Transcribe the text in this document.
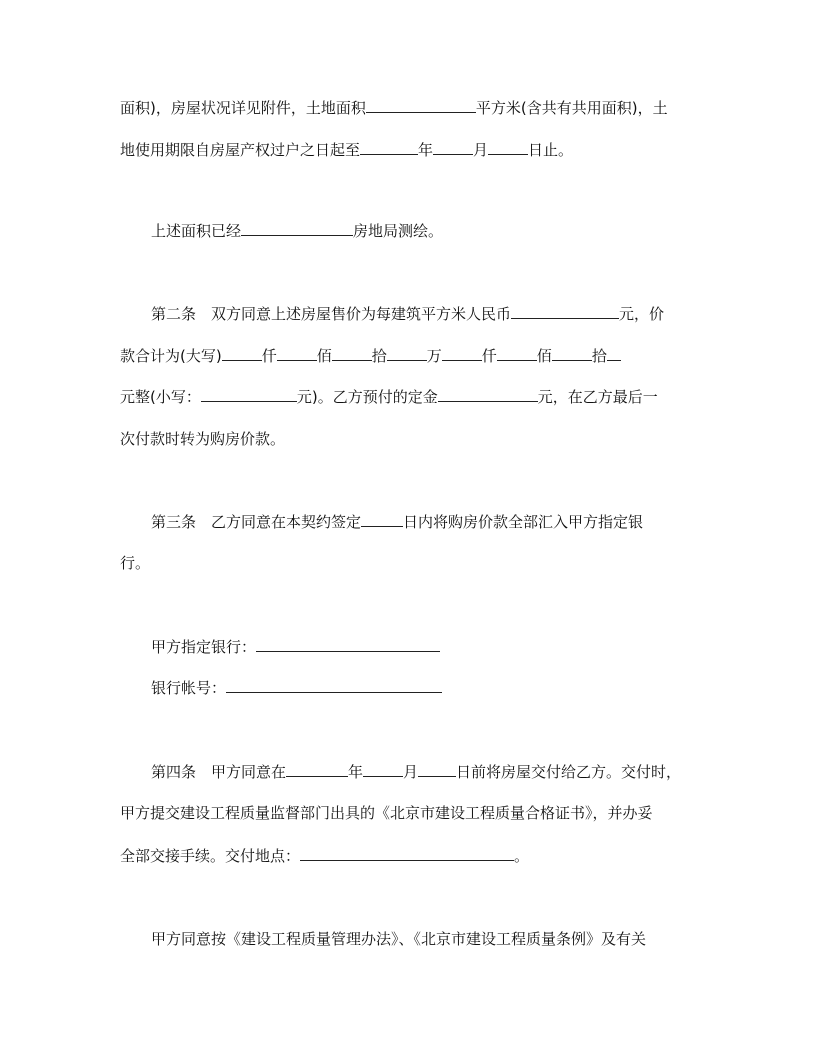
面积)，房屋状况详见附件，土地面积	平方米(含共有共用面积)，土
地使用期限自房屋产权过户之日起至	年	月	日止。
上述面积已经	房地局测绘。
第二条　双方同意上述房屋售价为每建筑平方米人民币	元，价
款合计为(大写)	仟	佰	拾	万	仟	佰	拾
元整(小写：	元)。乙方预付的定金	元，在乙方最后一
次付款时转为购房价款。
第三条　乙方同意在本契约签定	日内将购房价款全部汇入甲方指定银
行。
甲方指定银行：
银行帐号：
第四条　甲方同意在	年	月	日前将房屋交付给乙方。交付时，
甲方提交建设工程质量监督部门出具的《北京市建设工程质量合格证书》，并办妥
全部交接手续。交付地点：	。
甲方同意按《建设工程质量管理办法》、《北京市建设工程质量条例》及有关
